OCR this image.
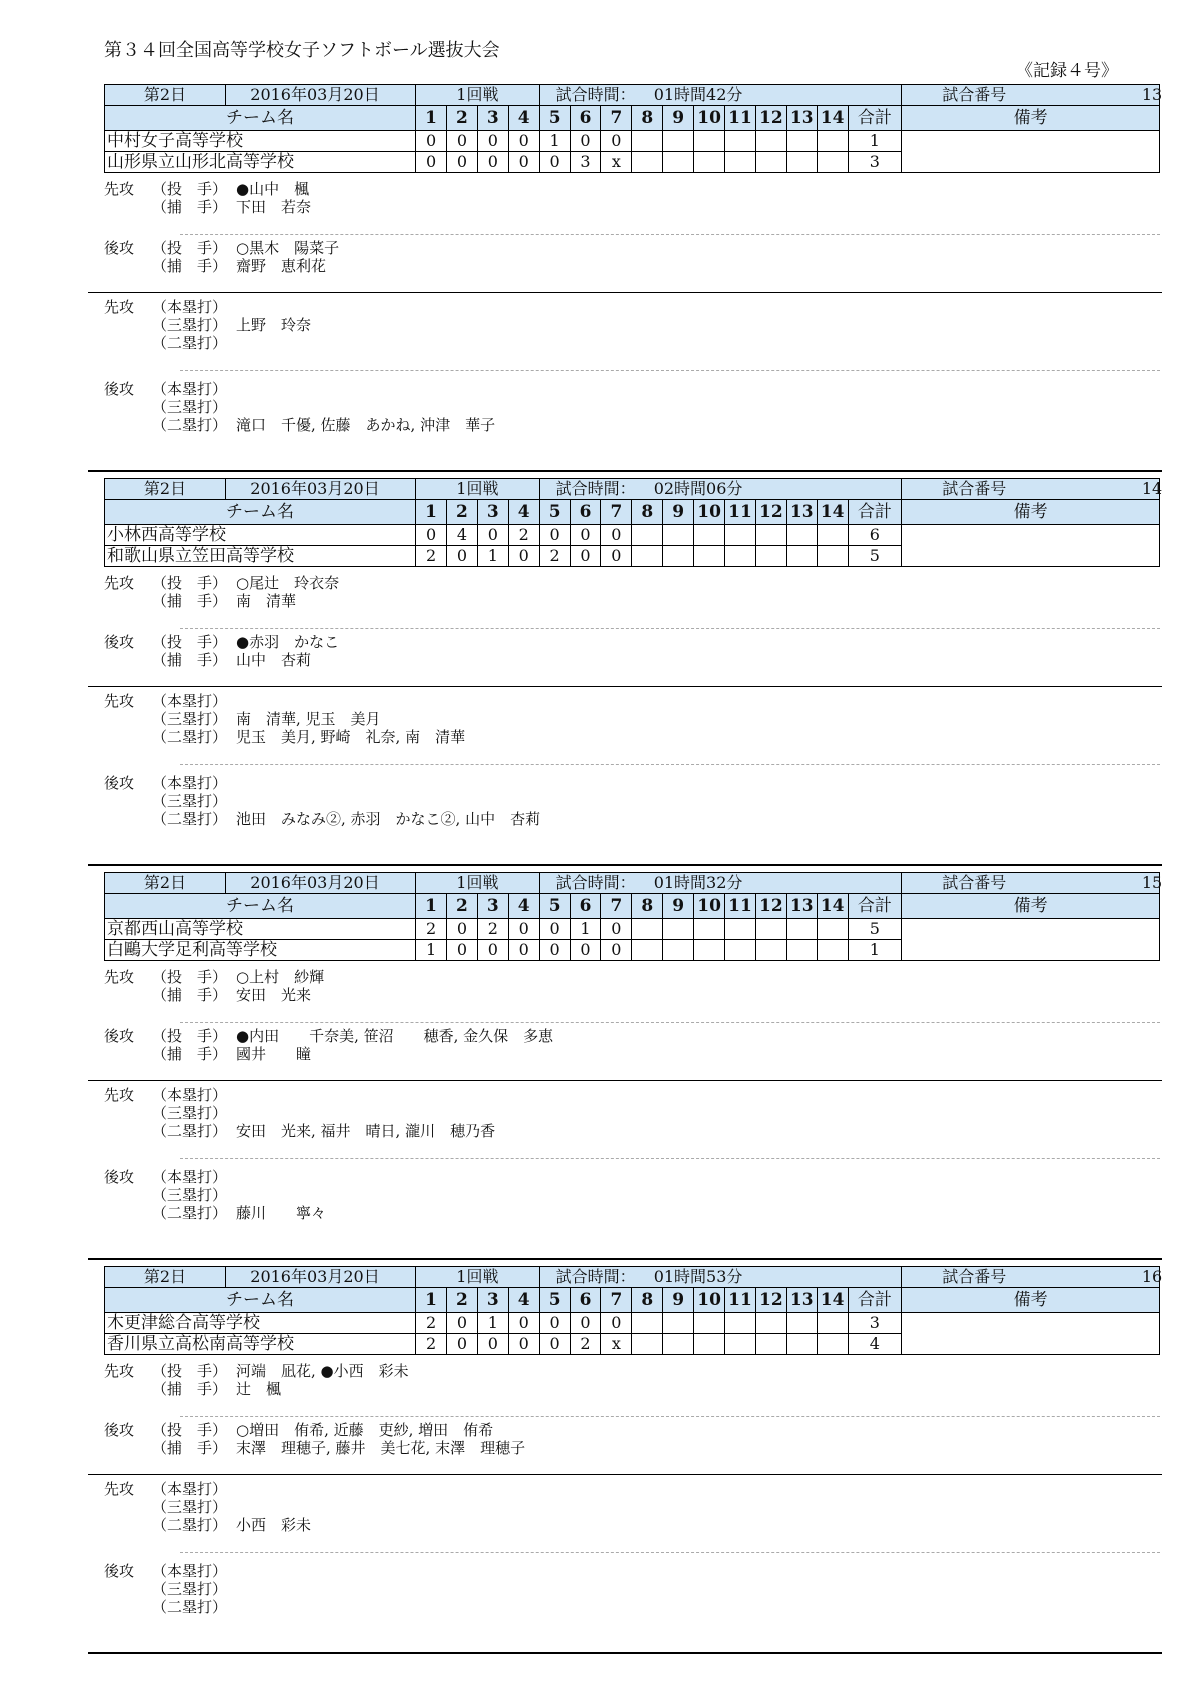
第３４回全国高等学校女子ソフトボール選抜大会
《記録４号》
第2日 2016年03月20日	1回戦				試合時間： 01時間42分											試合番号 13
チーム名	1	2	3	4	5	6	7	8	9	10	11	12	13	14	合計	備考
中村女子高等学校	0	0	0	0	1	0	0								1	
山形県立山形北高等学校	0	0	0	0	0	3	x								3	
先攻 （投　手） ●山中　楓
（捕　手） 下田　若奈
後攻 （投　手） ○黒木　陽菜子
（捕　手） 齋野　恵利花
先攻 （本塁打）
（三塁打） 上野　玲奈
（二塁打）
後攻 （本塁打）
（三塁打）
（二塁打） 滝口　千優, 佐藤　あかね, 沖津　華子
第2日 2016年03月20日	1回戦				試合時間： 02時間06分											試合番号 14
チーム名	1	2	3	4	5	6	7	8	9	10	11	12	13	14	合計	備考
小林西高等学校	0	4	0	2	0	0	0								6	
和歌山県立笠田高等学校	2	0	1	0	2	0	0								5	
先攻 （投　手） ○尾辻　玲衣奈
（捕　手） 南　清華
後攻 （投　手） ●赤羽　かなこ
（捕　手） 山中　杏莉
先攻 （本塁打）
（三塁打） 南　清華, 児玉　美月
（二塁打） 児玉　美月, 野崎　礼奈, 南　清華
後攻 （本塁打）
（三塁打）
（二塁打） 池田　みなみ②, 赤羽　かなこ②, 山中　杏莉
第2日 2016年03月20日	1回戦				試合時間： 01時間32分											試合番号 15
チーム名	1	2	3	4	5	6	7	8	9	10	11	12	13	14	合計	備考
京都西山高等学校	2	0	2	0	0	1	0								5	
白鷗大学足利高等学校	1	0	0	0	0	0	0								1	
先攻 （投　手） ○上村　紗輝
（捕　手） 安田　光来
後攻 （投　手） ●内田　　千奈美, 笹沼　　穂香, 金久保　多恵
（捕　手） 國井　　瞳
先攻 （本塁打）
（三塁打）
（二塁打） 安田　光来, 福井　晴日, 瀧川　穂乃香
後攻 （本塁打）
（三塁打）
（二塁打） 藤川　　寧々
第2日 2016年03月20日	1回戦				試合時間： 01時間53分											試合番号 16
チーム名	1	2	3	4	5	6	7	8	9	10	11	12	13	14	合計	備考
木更津総合高等学校	2	0	1	0	0	0	0								3	
香川県立高松南高等学校	2	0	0	0	0	2	x								4	
先攻 （投　手） 河端　凪花, ●小西　彩未
（捕　手） 辻　楓
後攻 （投　手） ○増田　侑希, 近藤　吏紗, 増田　侑希
（捕　手） 末澤　理穂子, 藤井　美七花, 末澤　理穂子
先攻 （本塁打）
（三塁打）
（二塁打） 小西　彩未
後攻 （本塁打）
（三塁打）
（二塁打）
